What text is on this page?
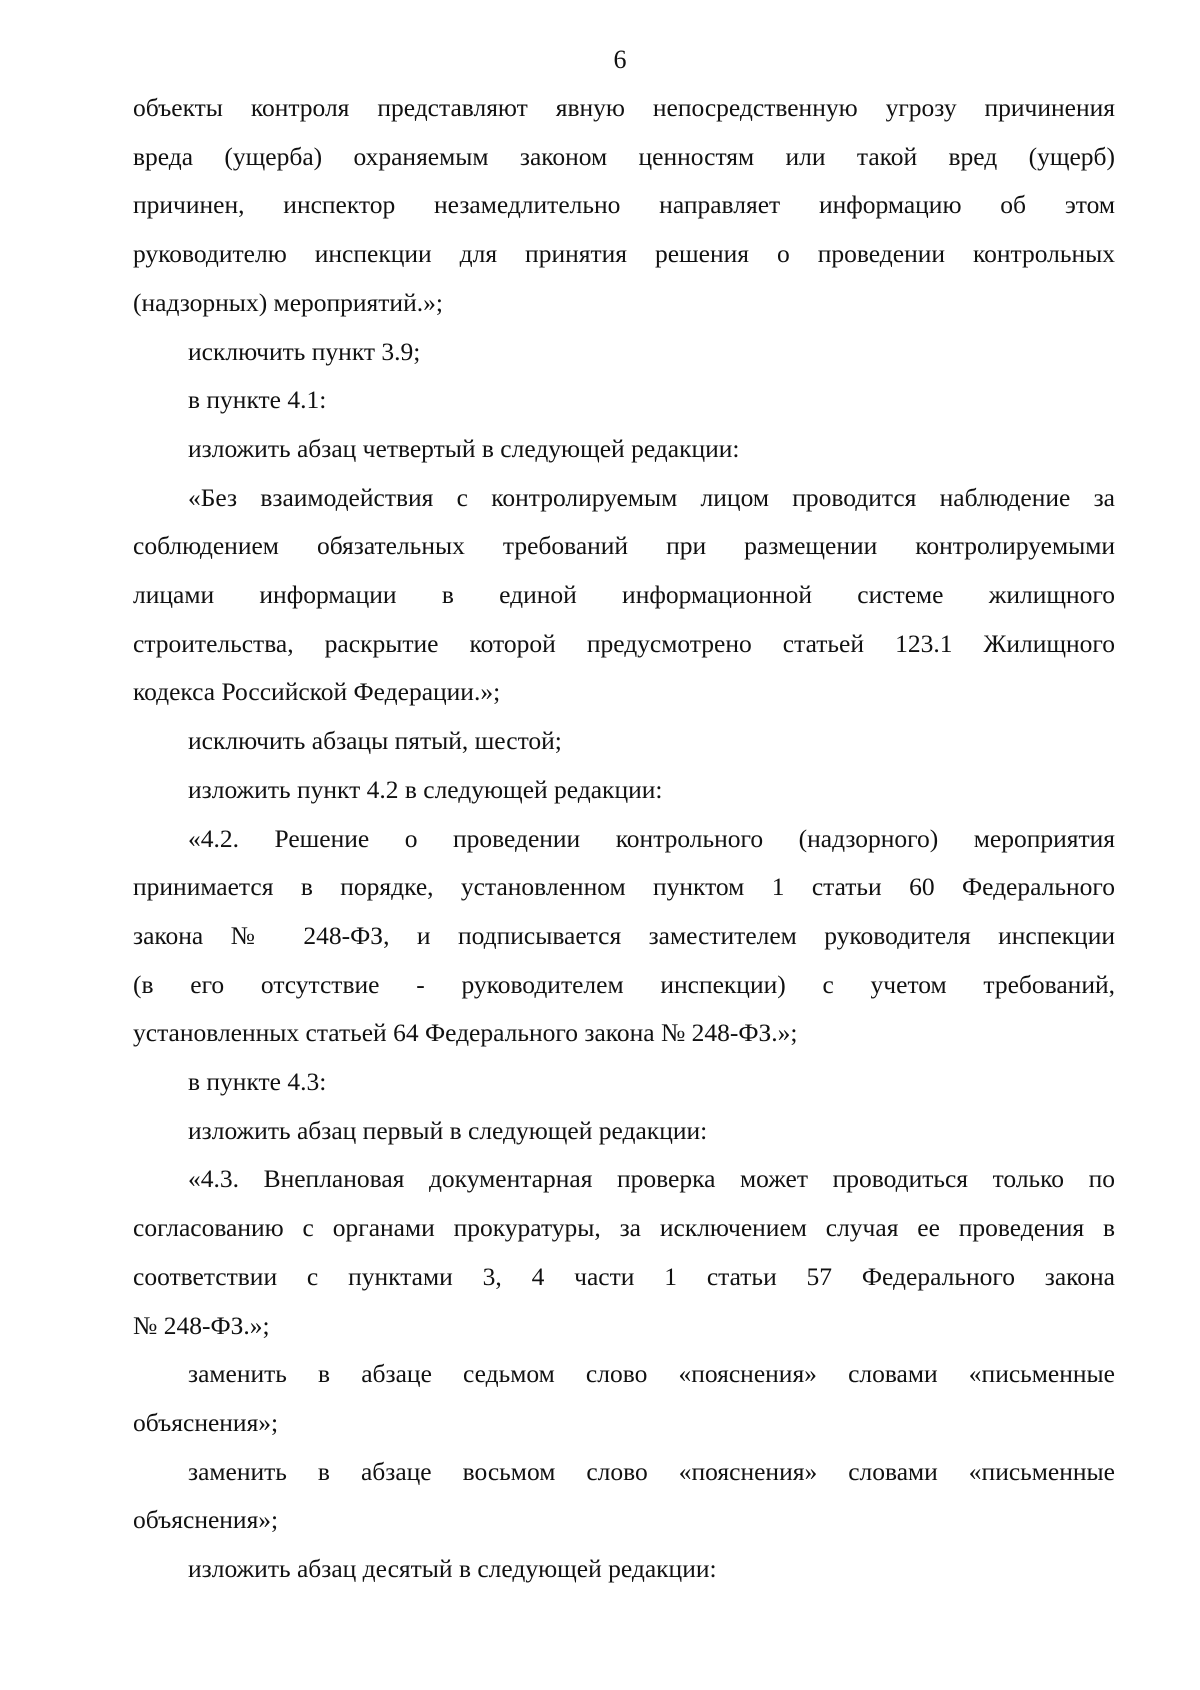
6
объекты контроля представляют явную непосредственную угрозу причинения
вреда (ущерба) охраняемым законом ценностям или такой вред (ущерб)
причинен, инспектор незамедлительно направляет информацию об этом
руководителю инспекции для принятия решения о проведении контрольных
(надзорных) мероприятий.»;
исключить пункт 3.9;
в пункте 4.1:
изложить абзац четвертый в следующей редакции:
«Без взаимодействия с контролируемым лицом проводится наблюдение за
соблюдением обязательных требований при размещении контролируемыми
лицами информации в единой информационной системе жилищного
строительства, раскрытие которой предусмотрено статьей 123.1 Жилищного
кодекса Российской Федерации.»;
исключить абзацы пятый, шестой;
изложить пункт 4.2 в следующей редакции:
«4.2. Решение о проведении контрольного (надзорного) мероприятия
принимается в порядке, установленном пунктом 1 статьи 60 Федерального
закона № 248-ФЗ, и подписывается заместителем руководителя инспекции
(в его отсутствие - руководителем инспекции) с учетом требований,
установленных статьей 64 Федерального закона № 248-ФЗ.»;
в пункте 4.3:
изложить абзац первый в следующей редакции:
«4.3. Внеплановая документарная проверка может проводиться только по
согласованию с органами прокуратуры, за исключением случая ее проведения в
соответствии с пунктами 3, 4 части 1 статьи 57 Федерального закона
№ 248-ФЗ.»;
заменить в абзаце седьмом слово «пояснения» словами «письменные
объяснения»;
заменить в абзаце восьмом слово «пояснения» словами «письменные
объяснения»;
изложить абзац десятый в следующей редакции:
